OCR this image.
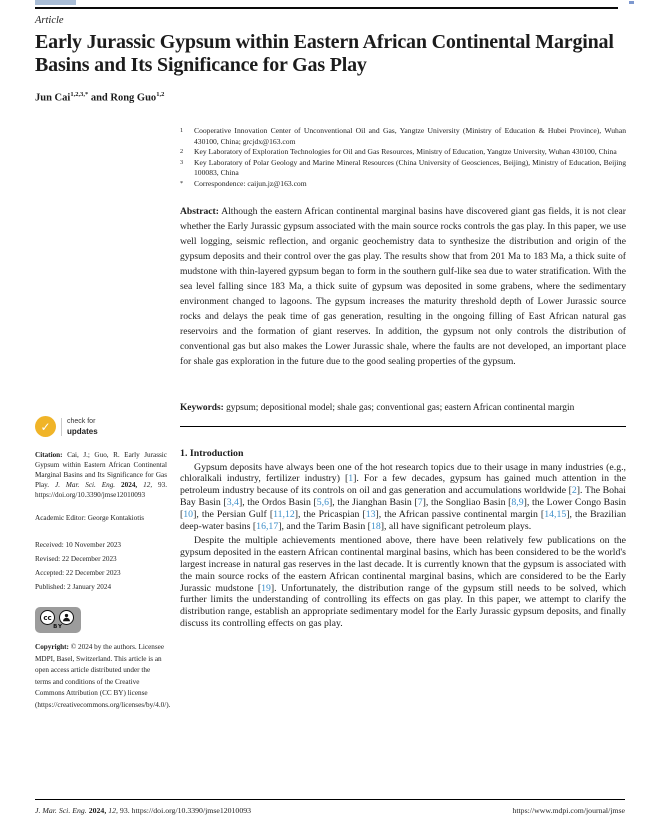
Article
Early Jurassic Gypsum within Eastern African Continental Marginal Basins and Its Significance for Gas Play
Jun Cai$^{1,2,3,*}$ and Rong Guo$^{1,2}$
✓ check for
updates
Citation: Cai, J.; Guo, R. Early Jurassic Gypsum within Eastern African Continental Marginal Basins and Its Significance for Gas Play. J. Mar. Sci. Eng. 2024, 12, 93. https://doi.org/10.3390/jmse12010093
Academic Editor: George Kontakiotis
Received: 10 November 2023
Revised: 22 December 2023
Accepted: 22 December 2023
Published: 2 January 2024
cc
BY
Copyright: © 2024 by the authors. Licensee MDPI, Basel, Switzerland. This article is an open access article distributed under the terms and conditions of the Creative Commons Attribution (CC BY) license (https://creativecommons.org/licenses/by/4.0/).
1	Cooperative Innovation Center of Unconventional Oil and Gas, Yangtze University (Ministry of Education & Hubei Province), Wuhan 430100, China; grcjdx@163.com
2	Key Laboratory of Exploration Technologies for Oil and Gas Resources, Ministry of Education, Yangtze University, Wuhan 430100, China
3	Key Laboratory of Polar Geology and Marine Mineral Resources (China University of Geosciences, Beijing), Ministry of Education, Beijing 100083, China
*	Correspondence: caijun.jz@163.com
Abstract: Although the eastern African continental marginal basins have discovered giant gas fields, it is not clear whether the Early Jurassic gypsum associated with the main source rocks controls the gas play. In this paper, we use well logging, seismic reflection, and organic geochemistry data to synthesize the distribution and origin of the gypsum deposits and their control over the gas play. The results show that from 201 Ma to 183 Ma, a thick suite of mudstone with thin-layered gypsum began to form in the southern gulf-like sea due to water stratification. With the sea level falling since 183 Ma, a thick suite of gypsum was deposited in some grabens, where the sedimentary environment changed to lagoons. The gypsum increases the maturity threshold depth of Lower Jurassic source rocks and delays the peak time of gas generation, resulting in the ongoing filling of East African natural gas reservoirs and the formation of giant reserves. In addition, the gypsum not only controls the distribution of conventional gas but also makes the Lower Jurassic shale, where the faults are not developed, an important place for shale gas exploration in the future due to the good sealing properties of the gypsum.
Keywords: gypsum; depositional model; shale gas; conventional gas; eastern African continental margin
1. Introduction

Gypsum deposits have always been one of the hot research topics due to their usage in many industries (e.g., chloralkali industry, fertilizer industry) [1]. For a few decades, gypsum has gained much attention in the petroleum industry because of its controls on oil and gas generation and accumulations worldwide [2]. The Bohai Bay Basin [3,4], the Ordos Basin [5,6], the Jianghan Basin [7], the Songliao Basin [8,9], the Lower Congo Basin [10], the Persian Gulf [11,12], the Pricaspian [13], the African passive continental margin [14,15], the Brazilian deep-water basins [16,17], and the Tarim Basin [18], all have significant petroleum plays.

Despite the multiple achievements mentioned above, there have been relatively few publications on the gypsum deposited in the eastern African continental marginal basins, which has been considered to be the world's largest increase in natural gas reserves in the last decade. It is currently known that the gypsum is associated with the main source rocks of the eastern African continental marginal basins, which are considered to be the Early Jurassic mudstone [19]. Unfortunately, the distribution range of the gypsum still needs to be solved, which further limits the understanding of controlling its effects on gas play. In this paper, we attempt to clarify the distribution range, establish an appropriate sedimentary model for the Early Jurassic gypsum deposits, and finally discuss its controlling effects on gas play.

J. Mar. Sci. Eng. 2024, 12, 93. https://doi.org/10.3390/jmse12010093	https://www.mdpi.com/journal/jmse
